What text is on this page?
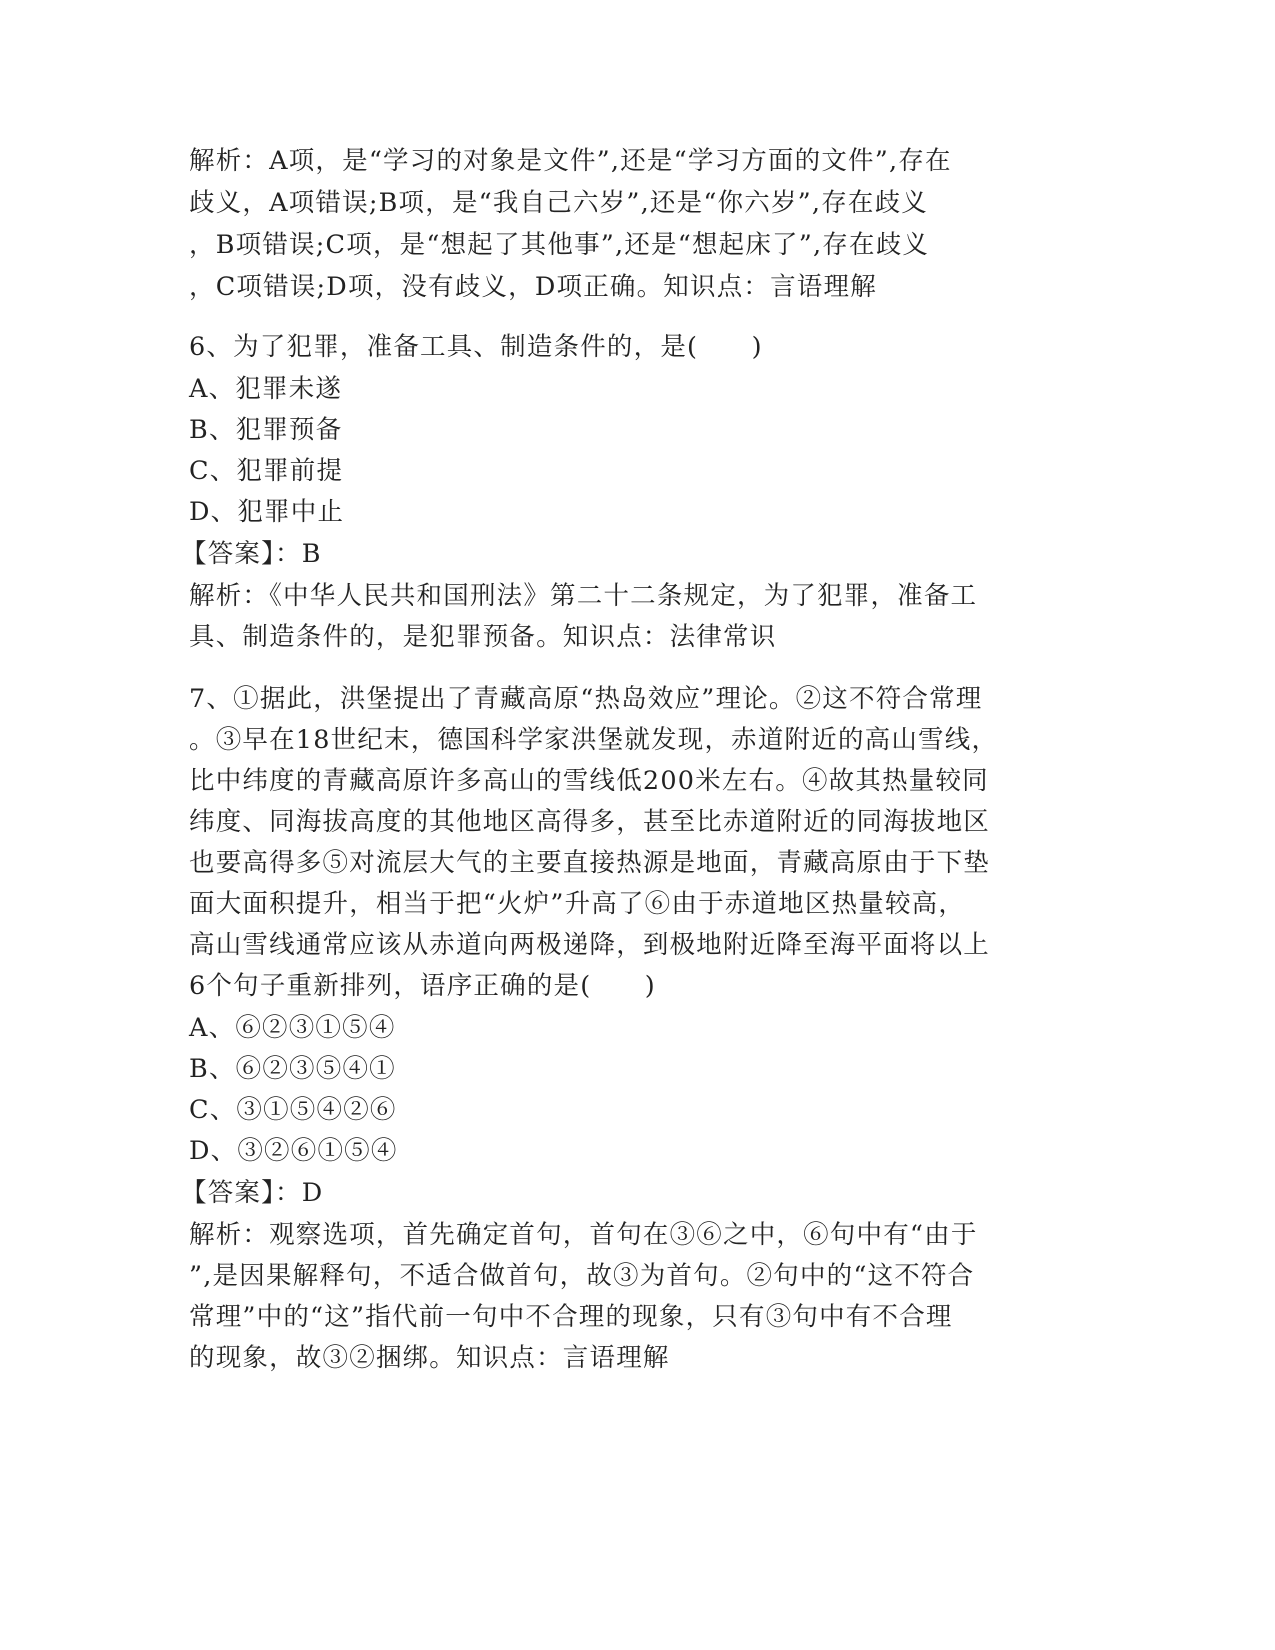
解析：A项，是“学习的对象是文件”,还是“学习方面的文件”,存在
歧义，A项错误;B项，是“我自己六岁”,还是“你六岁”,存在歧义
，B项错误;C项，是“想起了其他事”,还是“想起床了”,存在歧义
，C项错误;D项，没有歧义，D项正确。知识点：言语理解
6、为了犯罪，准备工具、制造条件的，是(　　)
A、犯罪未遂
B、犯罪预备
C、犯罪前提
D、犯罪中止
【答案】：B
解析：《中华人民共和国刑法》第二十二条规定，为了犯罪，准备工
具、制造条件的，是犯罪预备。知识点：法律常识
7、①据此，洪堡提出了青藏高原“热岛效应”理论。②这不符合常理
。③早在18世纪末，德国科学家洪堡就发现，赤道附近的高山雪线，
比中纬度的青藏高原许多高山的雪线低200米左右。④故其热量较同
纬度、同海拔高度的其他地区高得多，甚至比赤道附近的同海拔地区
也要高得多⑤对流层大气的主要直接热源是地面，青藏高原由于下垫
面大面积提升，相当于把“火炉”升高了⑥由于赤道地区热量较高，
高山雪线通常应该从赤道向两极递降，到极地附近降至海平面将以上
6个句子重新排列，语序正确的是(　　)
A、⑥②③①⑤④
B、⑥②③⑤④①
C、③①⑤④②⑥
D、③②⑥①⑤④
【答案】：D
解析：观察选项，首先确定首句，首句在③⑥之中，⑥句中有“由于
”,是因果解释句，不适合做首句，故③为首句。②句中的“这不符合
常理”中的“这”指代前一句中不合理的现象，只有③句中有不合理
的现象，故③②捆绑。知识点：言语理解
